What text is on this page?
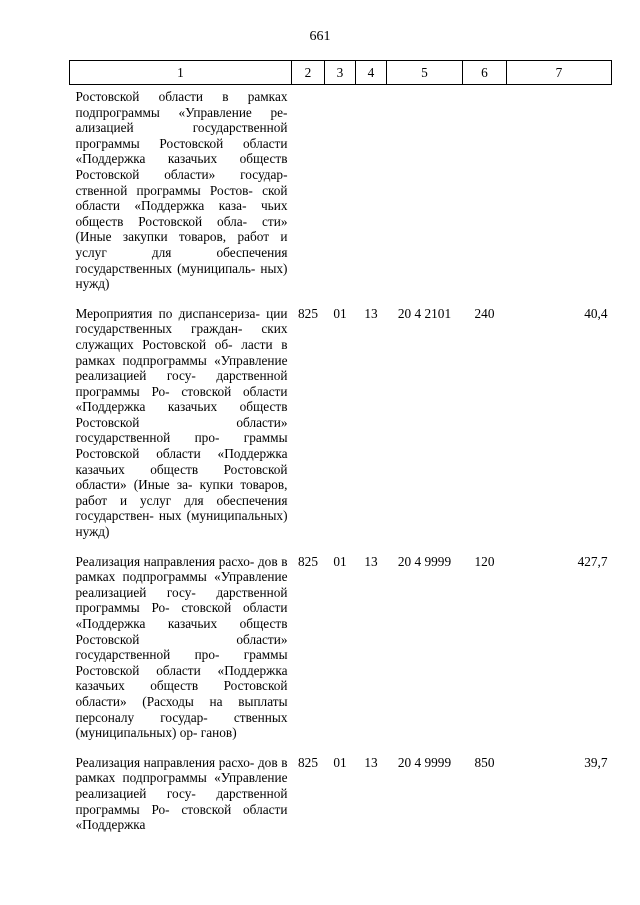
661
1	2	3	4	5	6	7
Ростовской области в рамках подпрограммы «Управление ре- ализацией государственной программы Ростовской области «Поддержка казачьих обществ Ростовской области» государ- ственной программы Ростов- ской области «Поддержка каза- чьих обществ Ростовской обла- сти» (Иные закупки товаров, работ и услуг для обеспечения государственных (муниципаль- ных) нужд)						
Мероприятия по диспансериза- ции государственных граждан- ских служащих Ростовской об- ласти в рамках подпрограммы «Управление реализацией госу- дарственной программы Ро- стовской области «Поддержка казачьих обществ Ростовской области» государственной про- граммы Ростовской области «Поддержка казачьих обществ Ростовской области» (Иные за- купки товаров, работ и услуг для обеспечения государствен- ных (муниципальных) нужд)	825	01	13	20 4 2101	240	40,4
Реализация направления расхо- дов в рамках подпрограммы «Управление реализацией госу- дарственной программы Ро- стовской области «Поддержка казачьих обществ Ростовской области» государственной про- граммы Ростовской области «Поддержка казачьих обществ Ростовской области» (Расходы на выплаты персоналу государ- ственных (муниципальных) ор- ганов)	825	01	13	20 4 9999	120	427,7
Реализация направления расхо- дов в рамках подпрограммы «Управление реализацией госу- дарственной программы Ро- стовской области «Поддержка	825	01	13	20 4 9999	850	39,7
